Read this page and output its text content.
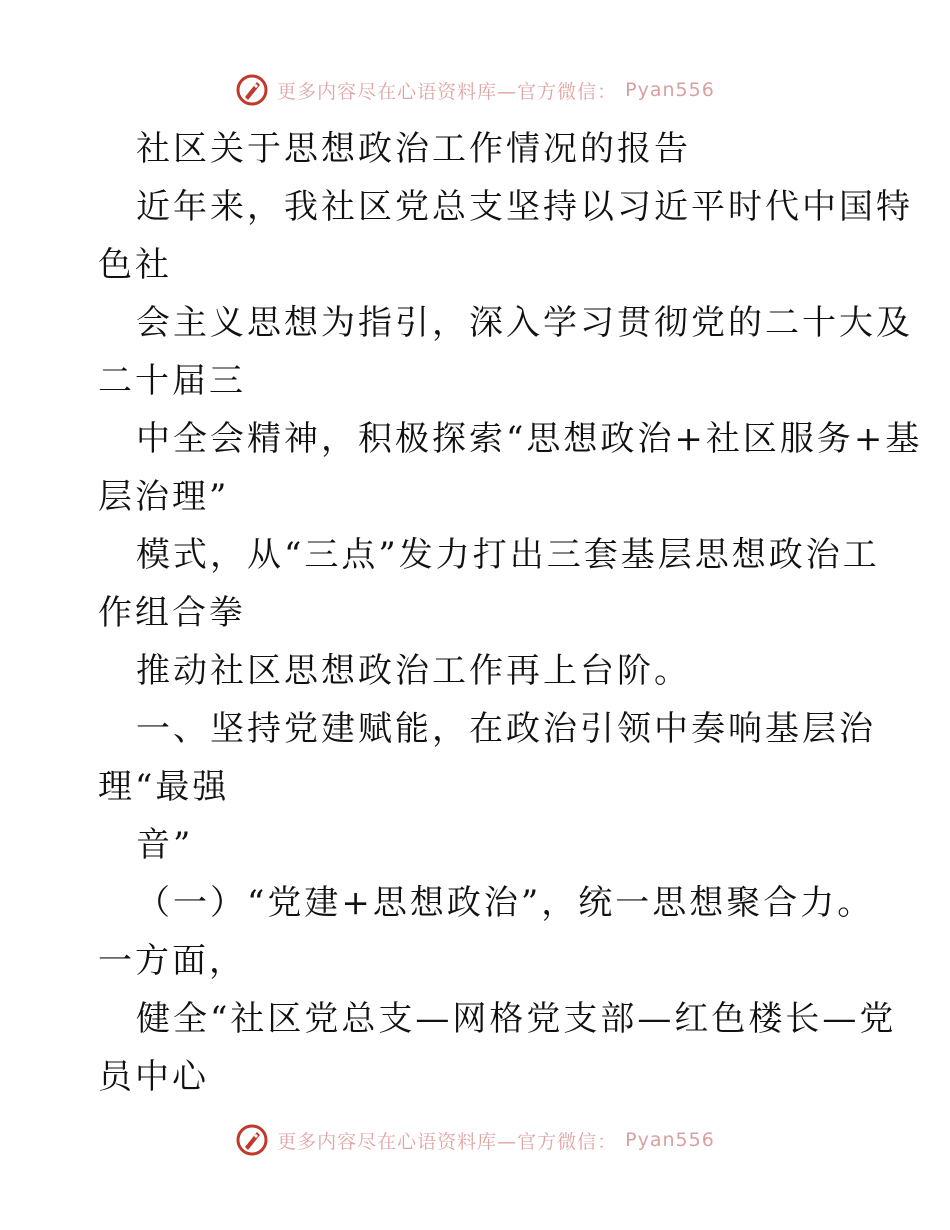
更多内容尽在心语资料库—官方微信： Pyan556
社区关于思想政治工作情况的报告
近年来，我社区党总支坚持以习近平时代中国特
色社
会主义思想为指引，深入学习贯彻党的二十大及
二十届三
中全会精神，积极探索“思想政治+社区服务+基
层治理”
模式，从“三点”发力打出三套基层思想政治工
作组合拳
推动社区思想政治工作再上台阶。
一、坚持党建赋能，在政治引领中奏响基层治
理“最强
音”
（一）“党建+思想政治”，统一思想聚合力。
一方面，
健全“社区党总支—网格党支部—红色楼长—党
员中心
更多内容尽在心语资料库—官方微信： Pyan556
